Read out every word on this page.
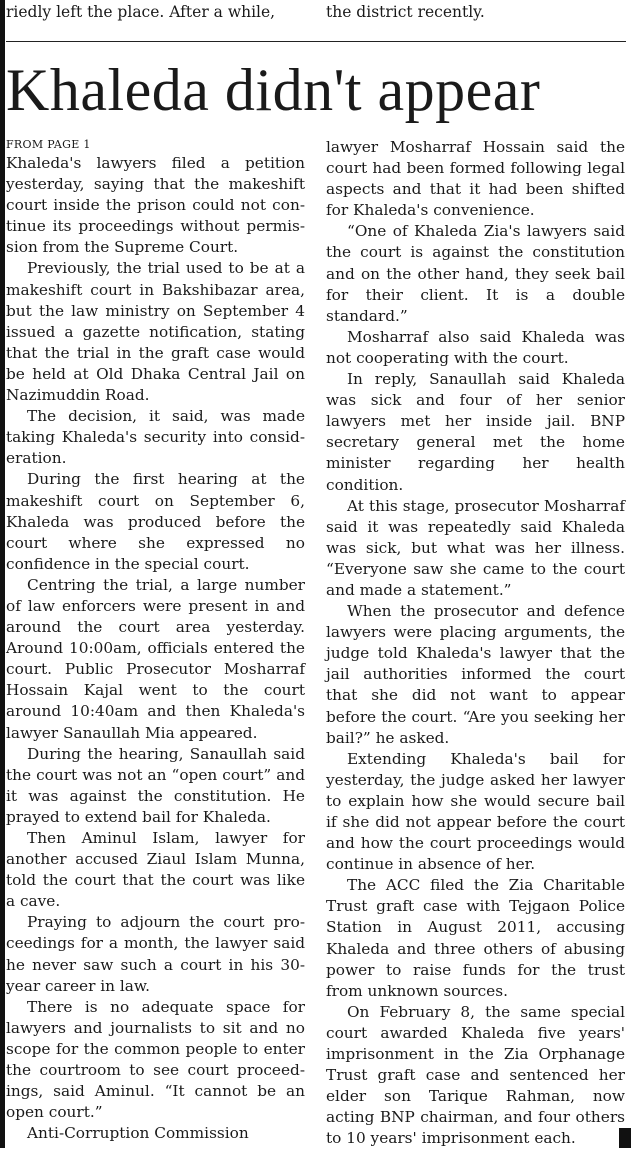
riedly left the place. After a while,	the district recently.
Khaleda didn't appear
FROM PAGE 1

Khaleda's lawyers filed a petition yesterday, saying that the makeshift court inside the prison could not continue its proceedings without permission from the Supreme Court.

Previously, the trial used to be at a makeshift court in Bakshibazar area, but the law ministry on September 4 issued a gazette notification, stating that the trial in the graft case would be held at Old Dhaka Central Jail on Nazimuddin Road.

The decision, it said, was made taking Khaleda's security into consideration.

During the first hearing at the makeshift court on September 6, Khaleda was produced before the court where she expressed no confidence in the special court.

Centring the trial, a large number of law enforcers were present in and around the court area yesterday. Around 10:00am, officials entered the court. Public Prosecutor Mosharraf Hossain Kajal went to the court around 10:40am and then Khaleda's lawyer Sanaullah Mia appeared.

During the hearing, Sanaullah said the court was not an “open court” and it was against the constitution. He prayed to extend bail for Khaleda.

Then Aminul Islam, lawyer for another accused Ziaul Islam Munna, told the court that the court was like a cave.

Praying to adjourn the court proceedings for a month, the lawyer said he never saw such a court in his 30-year career in law.

There is no adequate space for lawyers and journalists to sit and no scope for the common people to enter the courtroom to see court proceedings, said Aminul. “It cannot be an open court.”

Anti-Corruption Commission

lawyer Mosharraf Hossain said the court had been formed following legal aspects and that it had been shifted for Khaleda's convenience.

“One of Khaleda Zia's lawyers said the court is against the constitution and on the other hand, they seek bail for their client. It is a double standard.”

Mosharraf also said Khaleda was not cooperating with the court.

In reply, Sanaullah said Khaleda was sick and four of her senior lawyers met her inside jail. BNP secretary general met the home minister regarding her health condition.

At this stage, prosecutor Mosharraf said it was repeatedly said Khaleda was sick, but what was her illness. “Everyone saw she came to the court and made a statement.”

When the prosecutor and defence lawyers were placing arguments, the judge told Khaleda's lawyer that the jail authorities informed the court that she did not want to appear before the court. “Are you seeking her bail?” he asked.

Extending Khaleda's bail for yesterday, the judge asked her lawyer to explain how she would secure bail if she did not appear before the court and how the court proceedings would continue in absence of her.

The ACC filed the Zia Charitable Trust graft case with Tejgaon Police Station in August 2011, accusing Khaleda and three others of abusing power to raise funds for the trust from unknown sources.

On February 8, the same special court awarded Khaleda five years' imprisonment in the Zia Orphanage Trust graft case and sentenced her elder son Tarique Rahman, now acting BNP chairman, and four others to 10 years' imprisonment each.
